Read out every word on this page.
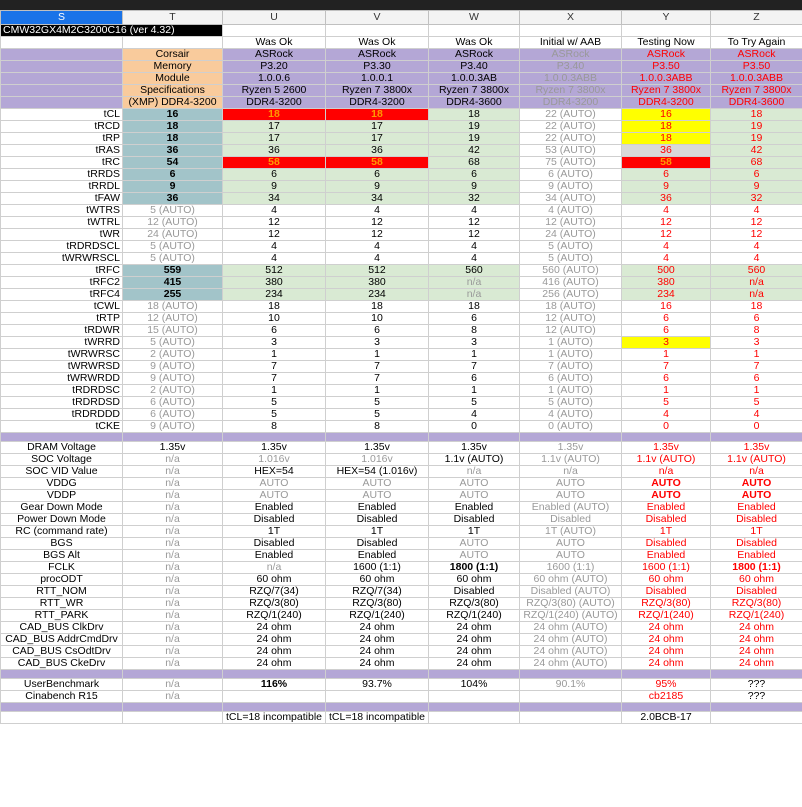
S	T	U	V	W	X	Y	Z
CMW32GX4M2C3200C16 (ver 4.32)							
		Was Ok	Was Ok	Was Ok	Initial w/ AAB	Testing Now	To Try Again
	Corsair	ASRock	ASRock	ASRock	ASRock	ASRock	ASRock
	Memory	P3.20	P3.30	P3.40	P3.40	P3.50	P3.50
	Module	1.0.0.6	1.0.0.1	1.0.0.3AB	1.0.0.3ABB	1.0.0.3ABB	1.0.0.3ABB
	Specifications	Ryzen 5 2600	Ryzen 7 3800x	Ryzen 7 3800x	Ryzen 7 3800x	Ryzen 7 3800x	Ryzen 7 3800x
	(XMP) DDR4-3200	DDR4-3200	DDR4-3200	DDR4-3600	DDR4-3200	DDR4-3200	DDR4-3600
tCL	16	18	18	18	22 (AUTO)	16	18
tRCD	18	17	17	19	22 (AUTO)	18	19
tRP	18	17	17	19	22 (AUTO)	18	19
tRAS	36	36	36	42	53 (AUTO)	36	42
tRC	54	58	58	68	75 (AUTO)	58	68
tRRDS	6	6	6	6	6 (AUTO)	6	6
tRRDL	9	9	9	9	9 (AUTO)	9	9
tFAW	36	34	34	32	34 (AUTO)	36	32
tWTRS	5 (AUTO)	4	4	4	4 (AUTO)	4	4
tWTRL	12 (AUTO)	12	12	12	12 (AUTO)	12	12
tWR	24 (AUTO)	12	12	12	24 (AUTO)	12	12
tRDRDSCL	5 (AUTO)	4	4	4	5 (AUTO)	4	4
tWRWRSCL	5 (AUTO)	4	4	4	5 (AUTO)	4	4
tRFC	559	512	512	560	560 (AUTO)	500	560
tRFC2	415	380	380	n/a	416 (AUTO)	380	n/a
tRFC4	255	234	234	n/a	256 (AUTO)	234	n/a
tCWL	18 (AUTO)	18	18	18	18 (AUTO)	16	18
tRTP	12 (AUTO)	10	10	6	12 (AUTO)	6	6
tRDWR	15 (AUTO)	6	6	8	12 (AUTO)	6	8
tWRRD	5 (AUTO)	3	3	3	1 (AUTO)	3	3
tWRWRSC	2 (AUTO)	1	1	1	1 (AUTO)	1	1
tWRWRSD	9 (AUTO)	7	7	7	7 (AUTO)	7	7
tWRWRDD	9 (AUTO)	7	7	6	6 (AUTO)	6	6
tRDRDSC	2 (AUTO)	1	1	1	1 (AUTO)	1	1
tRDRDSD	6 (AUTO)	5	5	5	5 (AUTO)	5	5
tRDRDDD	6 (AUTO)	5	5	4	4 (AUTO)	4	4
tCKE	9 (AUTO)	8	8	0	0 (AUTO)	0	0

DRAM Voltage	1.35v	1.35v	1.35v	1.35v	1.35v	1.35v	1.35v
SOC Voltage	n/a	1.016v	1.016v	1.1v (AUTO)	1.1v (AUTO)	1.1v (AUTO)	1.1v (AUTO)
SOC VID Value	n/a	HEX=54	HEX=54 (1.016v)	n/a	n/a	n/a	n/a
VDDG	n/a	AUTO	AUTO	AUTO	AUTO	AUTO	AUTO
VDDP	n/a	AUTO	AUTO	AUTO	AUTO	AUTO	AUTO
Gear Down Mode	n/a	Enabled	Enabled	Enabled	Enabled (AUTO)	Enabled	Enabled
Power Down Mode	n/a	Disabled	Disabled	Disabled	Disabled	Disabled	Disabled
RC (command rate)	n/a	1T	1T	1T	1T (AUTO)	1T	1T
BGS	n/a	Disabled	Disabled	AUTO	AUTO	Disabled	Disabled
BGS Alt	n/a	Enabled	Enabled	AUTO	AUTO	Enabled	Enabled
FCLK	n/a	n/a	1600 (1:1)	1800 (1:1)	1600 (1:1)	1600 (1:1)	1800 (1:1)
procODT	n/a	60 ohm	60 ohm	60 ohm	60 ohm (AUTO)	60 ohm	60 ohm
RTT_NOM	n/a	RZQ/7(34)	RZQ/7(34)	Disabled	Disabled (AUTO)	Disabled	Disabled
RTT_WR	n/a	RZQ/3(80)	RZQ/3(80)	RZQ/3(80)	RZQ/3(80) (AUTO)	RZQ/3(80)	RZQ/3(80)
RTT_PARK	n/a	RZQ/1(240)	RZQ/1(240)	RZQ/1(240)	RZQ/1(240) (AUTO)	RZQ/1(240)	RZQ/1(240)
CAD_BUS ClkDrv	n/a	24 ohm	24 ohm	24 ohm	24 ohm (AUTO)	24 ohm	24 ohm
CAD_BUS AddrCmdDrv	n/a	24 ohm	24 ohm	24 ohm	24 ohm (AUTO)	24 ohm	24 ohm
CAD_BUS CsOdtDrv	n/a	24 ohm	24 ohm	24 ohm	24 ohm (AUTO)	24 ohm	24 ohm
CAD_BUS CkeDrv	n/a	24 ohm	24 ohm	24 ohm	24 ohm (AUTO)	24 ohm	24 ohm

UserBenchmark	n/a	116%	93.7%	104%	90.1%	95%	???
Cinabench R15	n/a					cb2185	???

		tCL=18 incompatible	tCL=18 incompatible			2.0BCB-17	
